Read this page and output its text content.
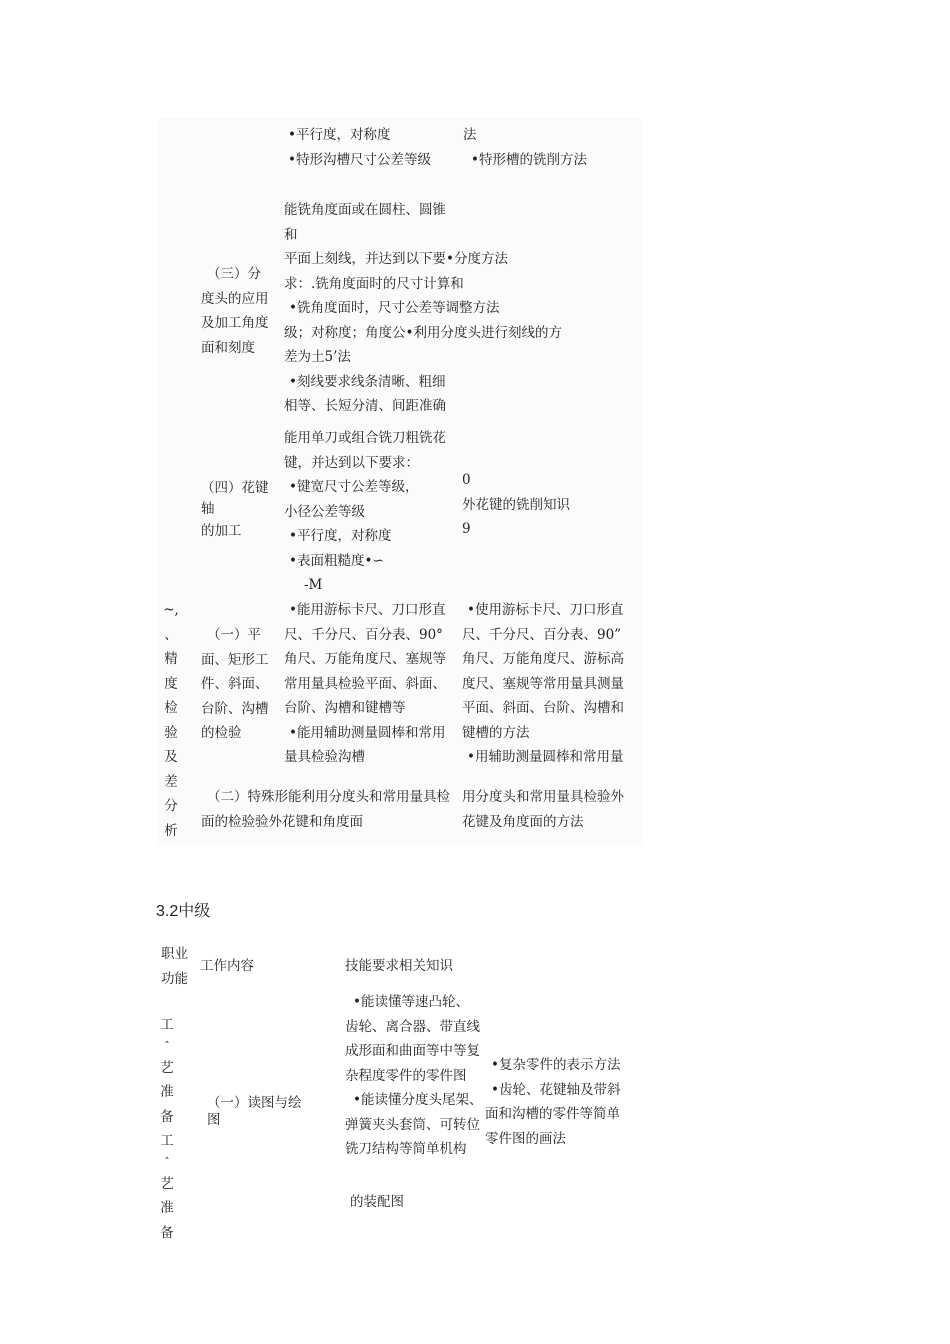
•平行度，对称度
•特形沟槽尺寸公差等级
法
•特形槽的铣削方法
（三）分
度头的应用
及加工角度
面和刻度
能铣角度面或在圆柱、圆锥
和
平面上刻线，并达到以下要•分度方法
求：.铣角度面时的尺寸计算和
•铣角度面时，尺寸公差等调整方法
级；对称度；角度公•利用分度头进行刻线的方
差为土5’法
•刻线要求线条清晰、粗细
相等、长短分清、间距准确
（四）花键
轴
的加工
能用单刀或组合铣刀粗铣花
键，并达到以下要求：
•键宽尺寸公差等级，
小径公差等级
•平行度，对称度
•表面粗糙度•∽
-M
0
外花键的铣削知识
9
~,
、
精
度
检
验
及
差
分
析
（一）平
面、矩形工
件、斜面、
台阶、沟槽
的检验
•能用游标卡尺、刀口形直
尺、千分尺、百分表、90°
角尺、万能角度尺、塞规等
常用量具检验平面、斜面、
台阶、沟槽和键槽等
•能用辅助测量圆棒和常用
量具检验沟槽
•使用游标卡尺、刀口形直
尺、千分尺、百分表、90”
角尺、万能角度尺、游标高
度尺、塞规等常用量具测量
平面、斜面、台阶、沟槽和
键槽的方法
•用辅助测量圆棒和常用量
（二）特殊形能利用分度头和常用量具检
面的检验验外花键和角度面
用分度头和常用量具检验外
花键及角度面的方法
3.2中级
职业
功能
工作内容	技能要求相关知识
工
ˆ
艺
准
备
工
ˆ
艺
准
备
（一）读图与绘
图
•能读懂等速凸轮、
齿轮、离合器、带直线
成形面和曲面等中等复
杂程度零件的零件图
•能读懂分度头尾架、
弹簧夹头套筒、可转位
铣刀结构等简单机构
的装配图
•复杂零件的表示方法
•齿轮、花键轴及带斜
面和沟槽的零件等简单
零件图的画法
